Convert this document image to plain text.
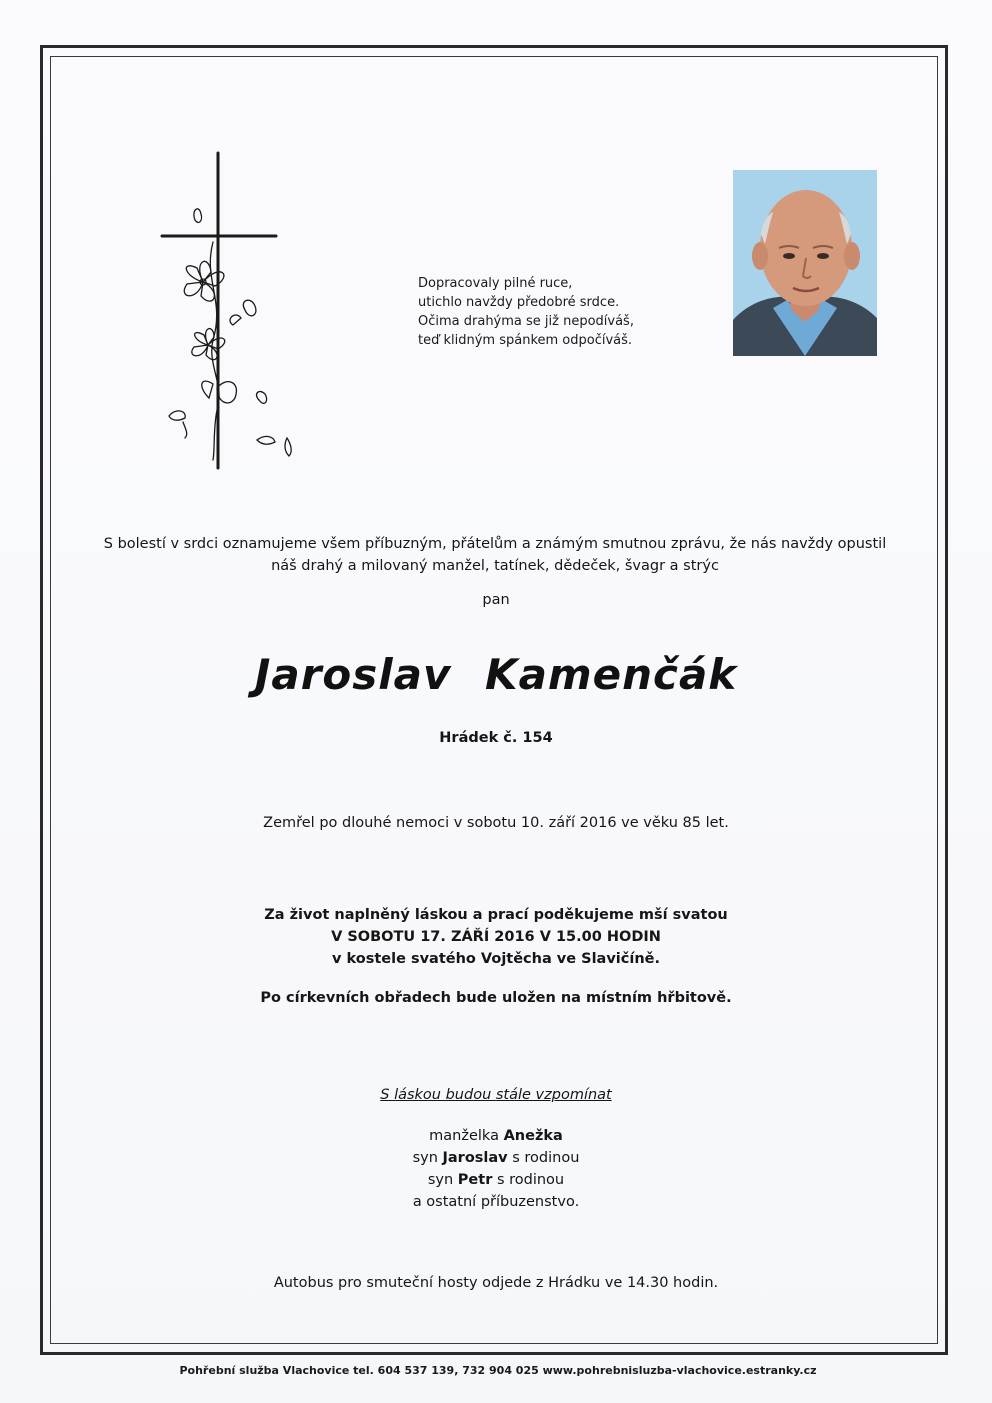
Dopracovaly pilné ruce,
utichlo navždy předobré srdce.
Očima drahýma se již nepodíváš,
teď klidným spánkem odpočíváš.
S bolestí v srdci oznamujeme všem příbuzným, přátelům a známým smutnou zprávu, že nás navždy opustil
náš drahý a milovaný manžel, tatínek, dědeček, švagr a strýc
pan
Jaroslav Kamenčák
Hrádek č. 154
Zemřel po dlouhé nemoci v sobotu 10. září 2016 ve věku 85 let.
Za život naplněný láskou a prací poděkujeme mší svatou
V SOBOTU 17. ZÁŘÍ 2016 V 15.00 HODIN
v kostele svatého Vojtěcha ve Slavičíně.
Po církevních obřadech bude uložen na místním hřbitově.
S láskou budou stále vzpomínat
manželka Anežka
syn Jaroslav s rodinou
syn Petr s rodinou
a ostatní příbuzenstvo.
Autobus pro smuteční hosty odjede z Hrádku ve 14.30 hodin.
Pohřební služba Vlachovice tel. 604 537 139, 732 904 025 www.pohrebnisluzba-vlachovice.estranky.cz
